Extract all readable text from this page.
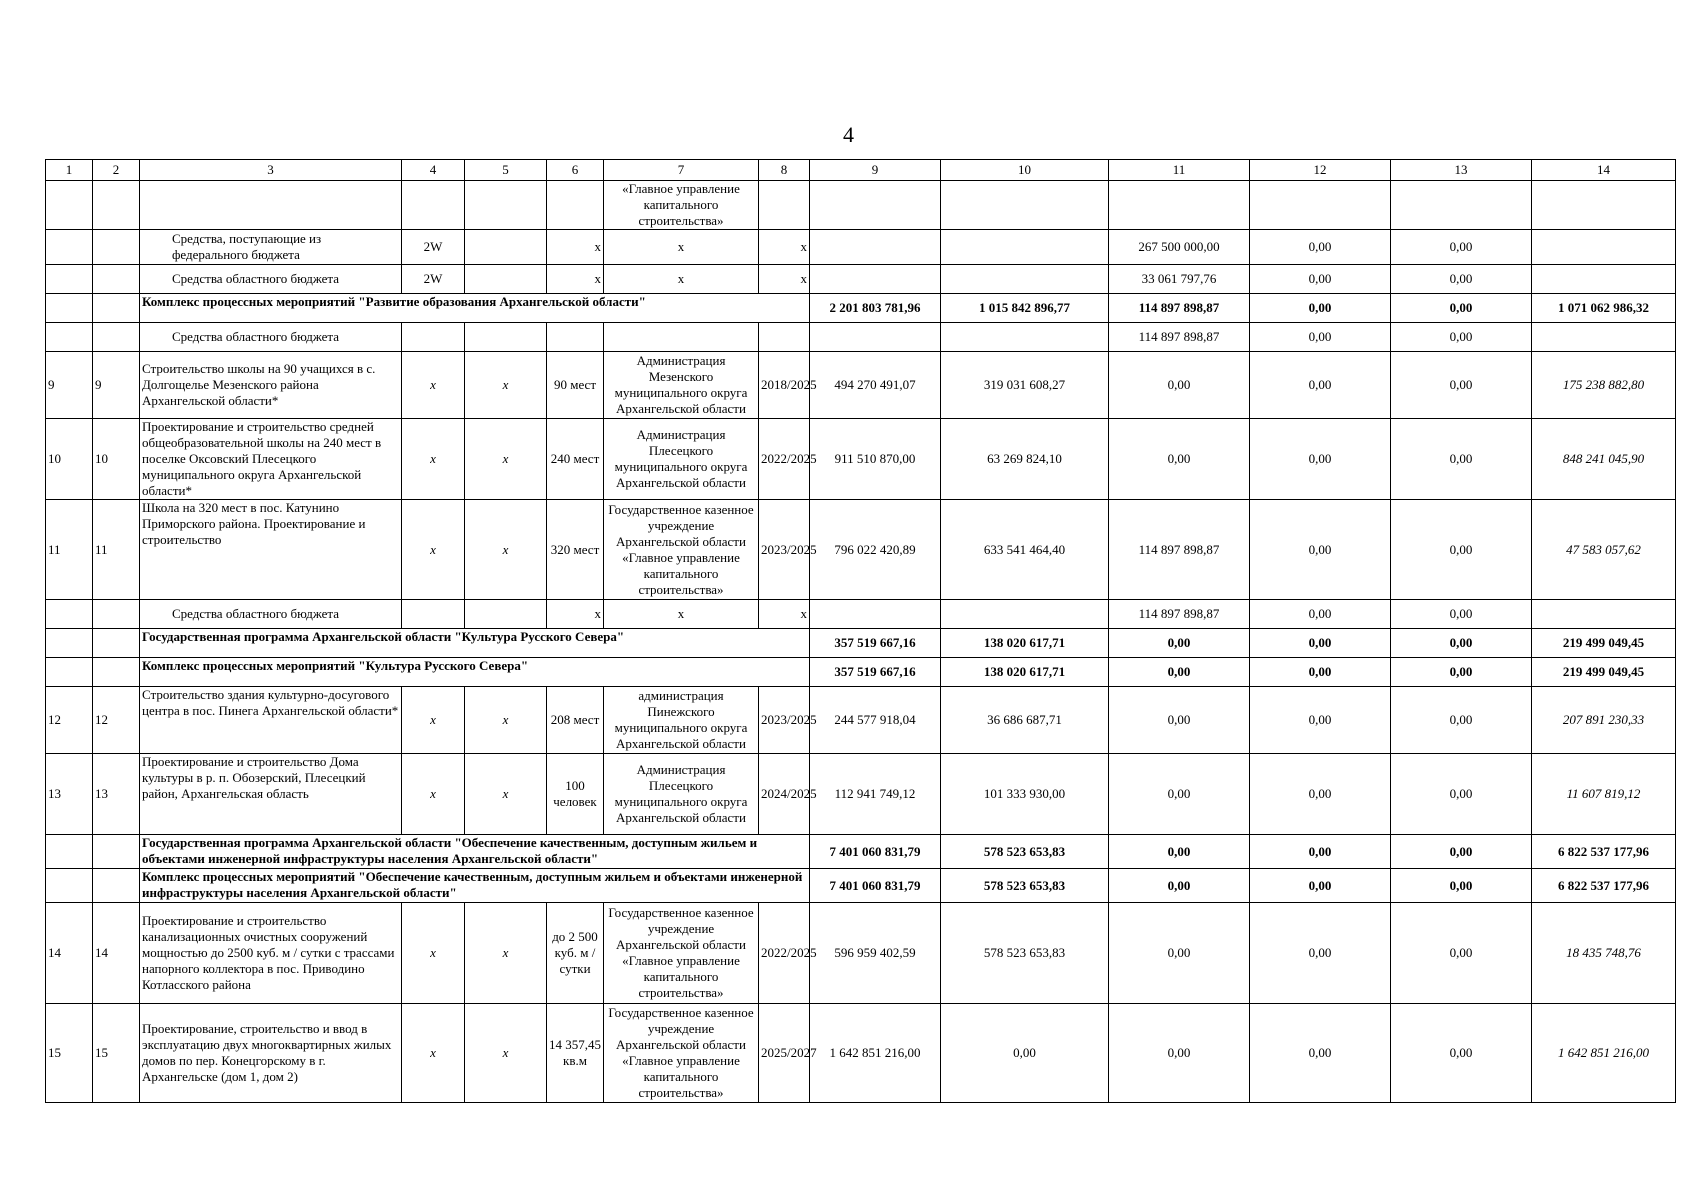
4
1	2	3	4	5	6	7	8	9	10	11	12	13	14
						«Главное управление капитального строительства»							
		Средства, поступающие из федерального бюджета	2W		x	x	x			267 500 000,00	0,00	0,00	
		Средства областного бюджета	2W		x	x	x			33 061 797,76	0,00	0,00	
		Комплекс процессных мероприятий "Развитие образования Архангельской области"						2 201 803 781,96	1 015 842 896,77	114 897 898,87	0,00	0,00	1 071 062 986,32
		Средства областного бюджета								114 897 898,87	0,00	0,00	
9	9	Строительство школы на 90 учащихся в с. Долгощелье Мезенского района Архангельской области*	x	x	90 мест	Администрация Мезенского муниципального округа Архангельской области	2018/2025	494 270 491,07	319 031 608,27	0,00	0,00	0,00	175 238 882,80
10	10	Проектирование и строительство средней общеобразовательной школы на 240 мест в поселке Оксовский Плесецкого муниципального округа Архангельской области*	x	x	240 мест	Администрация Плесецкого муниципального округа Архангельской области	2022/2025	911 510 870,00	63 269 824,10	0,00	0,00	0,00	848 241 045,90
11	11	Школа на 320 мест в пос. Катунино Приморского района. Проектирование и строительство	x	x	320 мест	Государственное казенное учреждение Архангельской области «Главное управление капитального строительства»	2023/2025	796 022 420,89	633 541 464,40	114 897 898,87	0,00	0,00	47 583 057,62
		Средства областного бюджета			x	x	x			114 897 898,87	0,00	0,00	
		Государственная программа Архангельской области "Культура Русского Севера"						357 519 667,16	138 020 617,71	0,00	0,00	0,00	219 499 049,45
		Комплекс процессных мероприятий "Культура Русского Севера"						357 519 667,16	138 020 617,71	0,00	0,00	0,00	219 499 049,45
12	12	Строительство здания культурно-досугового центра в пос. Пинега Архангельской области*	x	x	208 мест	администрация Пинежского муниципального округа Архангельской области	2023/2025	244 577 918,04	36 686 687,71	0,00	0,00	0,00	207 891 230,33
13	13	Проектирование и строительство Дома культуры в р. п. Обозерский, Плесецкий район, Архангельская область	x	x	100 человек	Администрация Плесецкого муниципального округа Архангельской области	2024/2025	112 941 749,12	101 333 930,00	0,00	0,00	0,00	11 607 819,12
		Государственная программа Архангельской области "Обеспечение качественным, доступным жильем и объектами инженерной инфраструктуры населения Архангельской области"						7 401 060 831,79	578 523 653,83	0,00	0,00	0,00	6 822 537 177,96
		Комплекс процессных мероприятий "Обеспечение качественным, доступным жильем и объектами инженерной инфраструктуры населения Архангельской области"						7 401 060 831,79	578 523 653,83	0,00	0,00	0,00	6 822 537 177,96
14	14	Проектирование и строительство канализационных очистных сооружений мощностью до 2500 куб. м / сутки с трассами напорного коллектора в пос. Приводино Котласского района	x	x	до 2 500 куб. м / сутки	Государственное казенное учреждение Архангельской области «Главное управление капитального строительства»	2022/2025	596 959 402,59	578 523 653,83	0,00	0,00	0,00	18 435 748,76
15	15	Проектирование, строительство и ввод в эксплуатацию двух многоквартирных жилых домов по пер. Конецгорскому в г. Архангельске (дом 1, дом 2)	x	x	14 357,45 кв.м	Государственное казенное учреждение Архангельской области «Главное управление капитального строительства»	2025/2027	1 642 851 216,00	0,00	0,00	0,00	0,00	1 642 851 216,00
